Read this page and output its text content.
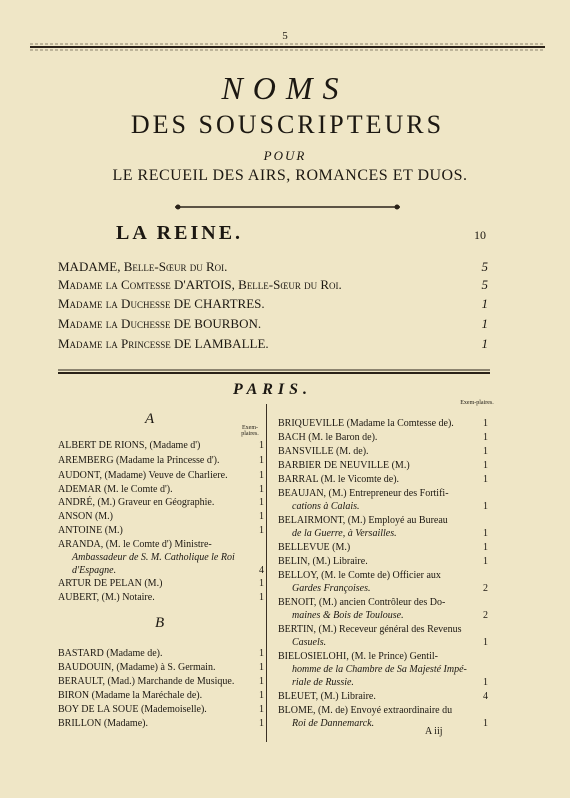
5
NOMS
DES SOUSCRIPTEURS
POUR
LE RECUEIL DES AIRS, ROMANCES ET DUOS.
LA REINE.	10
MADAME, Belle-Sœur du Roi.	5
Madame la Comtesse D'ARTOIS, Belle-Sœur du Roi.	5
Madame la Duchesse DE CHARTRES.	1
Madame la Duchesse DE BOURBON.	1
Madame la Princesse DE LAMBALLE.	1
PARIS.
A
Exem-plaires.
ALBERT DE RIONS, (Madame d')	1
AREMBERG (Madame la Princesse d').	1
AUDONT, (Madame) Veuve de Charliere.	1
ADEMAR (M. le Comte d').	1
ANDRÉ, (M.) Graveur en Géographie.	1
ANSON (M.)	1
ANTOINE (M.)	1
ARANDA, (M. le Comte d') Ministre-
Ambassadeur de S. M. Catholique le Roi
d'Espagne.	4
ARTUR DE PELAN (M.)	1
AUBERT, (M.) Notaire.	1
B
BASTARD (Madame de).	1
BAUDOUIN, (Madame) à S. Germain.	1
BERAULT, (Mad.) Marchande de Musique. 1
BIRON (Madame la Maréchale de).	1
BOY DE LA SOUE (Mademoiselle).	1
BRILLON (Madame).	1
Exem-plaires.
BRIQUEVILLE (Madame la Comtesse de).	1
BACH (M. le Baron de).	1
BANSVILLE (M. de).	1
BARBIER DE NEUVILLE (M.)	1
BARRAL (M. le Vicomte de).	1
BEAUJAN, (M.) Entrepreneur des Fortifi-
cations à Calais.	1
BELAIRMONT, (M.) Employé au Bureau
de la Guerre, à Versailles.	1
BELLEVUE (M.)	1
BELIN, (M.) Libraire.	1
BELLOY, (M. le Comte de) Officier aux
Gardes Françoises.	2
BENOIT, (M.) ancien Contrôleur des Do-
maines & Bois de Toulouse.	2
BERTIN, (M.) Receveur général des Revenus
Casuels.	1
BIELOSIELOHI, (M. le Prince) Gentil-
homme de la Chambre de Sa Majesté Impé-
riale de Russie.	1
BLEUET, (M.) Libraire.	4
BLOME, (M. de) Envoyé extraordinaire du
Roi de Dannemarck.	1
A iij
